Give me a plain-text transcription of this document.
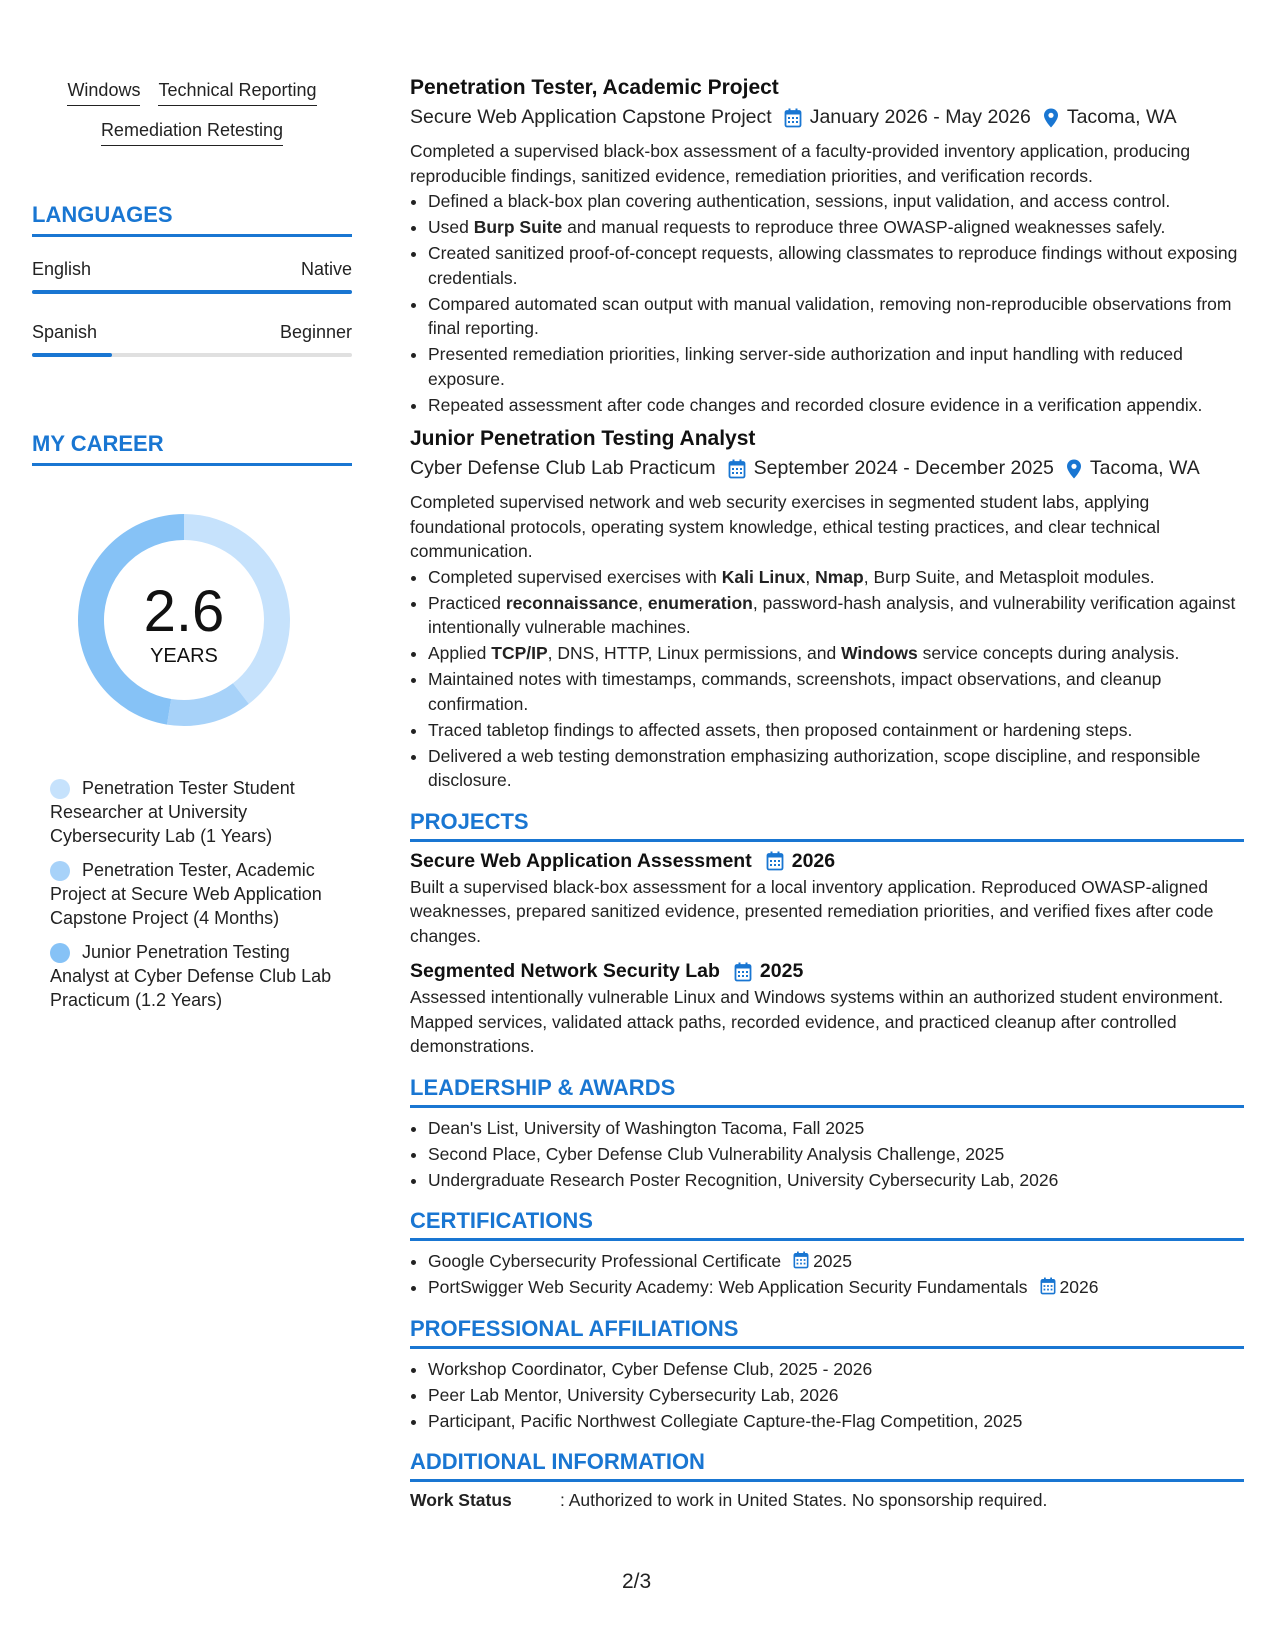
Windows Technical Reporting
Remediation Retesting
LANGUAGES
English	Native
Spanish	Beginner
MY CAREER
2.6
YEARS
Penetration Tester Student Researcher at University Cybersecurity Lab (1 Years)
Penetration Tester, Academic Project at Secure Web Application Capstone Project (4 Months)
Junior Penetration Testing Analyst at Cyber Defense Club Lab Practicum (1.2 Years)
Penetration Tester, Academic Project
Secure Web Application Capstone Project January 2026 - May 2026 Tacoma, WA
Completed a supervised black-box assessment of a faculty-provided inventory application, producing reproducible findings, sanitized evidence, remediation priorities, and verification records.
• Defined a black-box plan covering authentication, sessions, input validation, and access control.
• Used Burp Suite and manual requests to reproduce three OWASP-aligned weaknesses safely.
• Created sanitized proof-of-concept requests, allowing classmates to reproduce findings without exposing credentials.
• Compared automated scan output with manual validation, removing non-reproducible observations from final reporting.
• Presented remediation priorities, linking server-side authorization and input handling with reduced exposure.
• Repeated assessment after code changes and recorded closure evidence in a verification appendix.
Junior Penetration Testing Analyst
Cyber Defense Club Lab Practicum September 2024 - December 2025 Tacoma, WA
Completed supervised network and web security exercises in segmented student labs, applying foundational protocols, operating system knowledge, ethical testing practices, and clear technical communication.
• Completed supervised exercises with Kali Linux, Nmap, Burp Suite, and Metasploit modules.
• Practiced reconnaissance, enumeration, password-hash analysis, and vulnerability verification against intentionally vulnerable machines.
• Applied TCP/IP, DNS, HTTP, Linux permissions, and Windows service concepts during analysis.
• Maintained notes with timestamps, commands, screenshots, impact observations, and cleanup confirmation.
• Traced tabletop findings to affected assets, then proposed containment or hardening steps.
• Delivered a web testing demonstration emphasizing authorization, scope discipline, and responsible disclosure.
PROJECTS
Secure Web Application Assessment 2026
Built a supervised black-box assessment for a local inventory application. Reproduced OWASP-aligned weaknesses, prepared sanitized evidence, presented remediation priorities, and verified fixes after code changes.
Segmented Network Security Lab 2025
Assessed intentionally vulnerable Linux and Windows systems within an authorized student environment. Mapped services, validated attack paths, recorded evidence, and practiced cleanup after controlled demonstrations.
LEADERSHIP & AWARDS
• Dean's List, University of Washington Tacoma, Fall 2025
• Second Place, Cyber Defense Club Vulnerability Analysis Challenge, 2025
• Undergraduate Research Poster Recognition, University Cybersecurity Lab, 2026
CERTIFICATIONS
• Google Cybersecurity Professional Certificate 2025
• PortSwigger Web Security Academy: Web Application Security Fundamentals 2026
PROFESSIONAL AFFILIATIONS
• Workshop Coordinator, Cyber Defense Club, 2025 - 2026
• Peer Lab Mentor, University Cybersecurity Lab, 2026
• Participant, Pacific Northwest Collegiate Capture-the-Flag Competition, 2025
ADDITIONAL INFORMATION
Work Status	: Authorized to work in United States. No sponsorship required.
2/3
